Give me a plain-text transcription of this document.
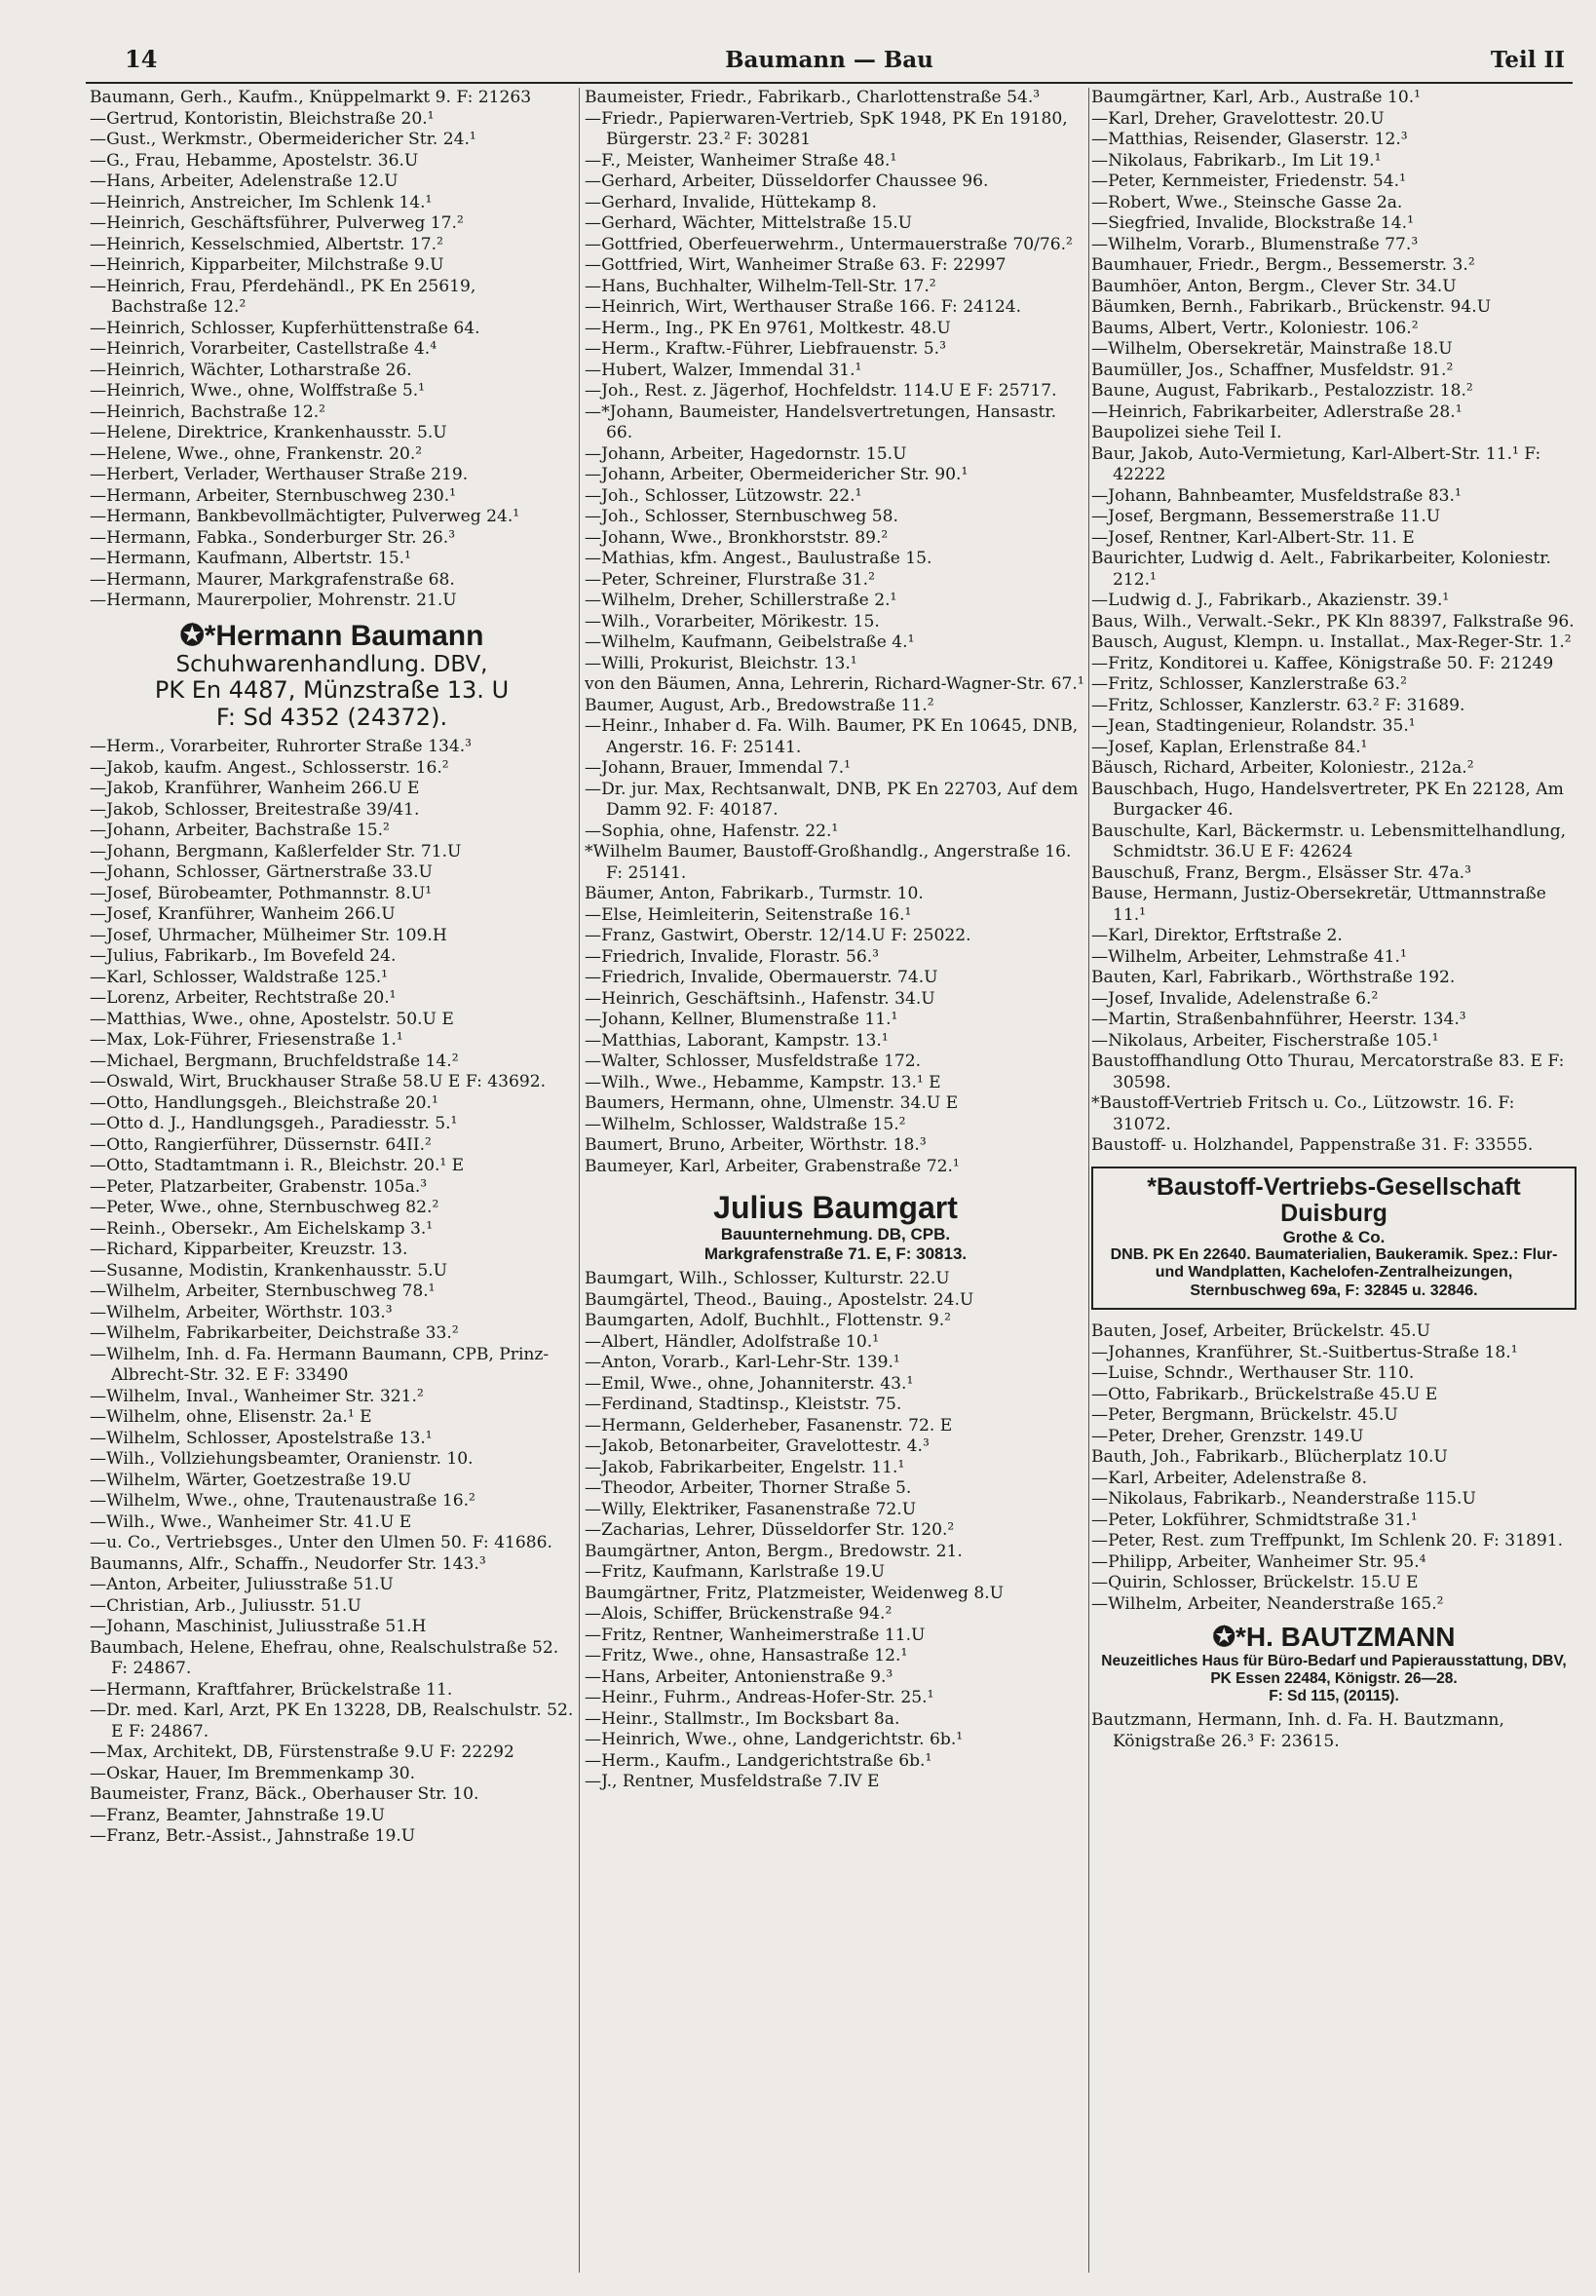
14	Baumann — Bau	Teil II
Baumann, Gerh., Kaufm., Knüppelmarkt 9. F: 21263
—Gertrud, Kontoristin, Bleichstraße 20.¹
—Gust., Werkmstr., Obermeidericher Str. 24.¹
—G., Frau, Hebamme, Apostelstr. 36.U
—Hans, Arbeiter, Adelenstraße 12.U
—Heinrich, Anstreicher, Im Schlenk 14.¹
—Heinrich, Geschäftsführer, Pulverweg 17.²
—Heinrich, Kesselschmied, Albertstr. 17.²
—Heinrich, Kipparbeiter, Milchstraße 9.U
—Heinrich, Frau, Pferdehändl., PK En 25619, Bachstraße 12.²
—Heinrich, Schlosser, Kupferhüttenstraße 64.
—Heinrich, Vorarbeiter, Castellstraße 4.⁴
—Heinrich, Wächter, Lotharstraße 26.
—Heinrich, Wwe., ohne, Wolffstraße 5.¹
—Heinrich, Bachstraße 12.²
—Helene, Direktrice, Krankenhausstr. 5.U
—Helene, Wwe., ohne, Frankenstr. 20.²
—Herbert, Verlader, Werthauser Straße 219.
—Hermann, Arbeiter, Sternbuschweg 230.¹
—Hermann, Bankbevollmächtigter, Pulverweg 24.¹
—Hermann, Fabka., Sonderburger Str. 26.³
—Hermann, Kaufmann, Albertstr. 15.¹
—Hermann, Maurer, Markgrafenstraße 68.
—Hermann, Maurerpolier, Mohrenstr. 21.U
✪*Hermann Baumann
Schuhwarenhandlung. DBV,
PK En 4487, Münzstraße 13. U
F: Sd 4352 (24372).
—Herm., Vorarbeiter, Ruhrorter Straße 134.³
—Jakob, kaufm. Angest., Schlosserstr. 16.²
—Jakob, Kranführer, Wanheim 266.U E
—Jakob, Schlosser, Breitestraße 39/41.
—Johann, Arbeiter, Bachstraße 15.²
—Johann, Bergmann, Kaßlerfelder Str. 71.U
—Johann, Schlosser, Gärtnerstraße 33.U
—Josef, Bürobeamter, Pothmannstr. 8.U¹
—Josef, Kranführer, Wanheim 266.U
—Josef, Uhrmacher, Mülheimer Str. 109.H
—Julius, Fabrikarb., Im Bovefeld 24.
—Karl, Schlosser, Waldstraße 125.¹
—Lorenz, Arbeiter, Rechtstraße 20.¹
—Matthias, Wwe., ohne, Apostelstr. 50.U E
—Max, Lok-Führer, Friesenstraße 1.¹
—Michael, Bergmann, Bruchfeldstraße 14.²
—Oswald, Wirt, Bruckhauser Straße 58.U E F: 43692.
—Otto, Handlungsgeh., Bleichstraße 20.¹
—Otto d. J., Handlungsgeh., Paradiesstr. 5.¹
—Otto, Rangierführer, Düssernstr. 64II.²
—Otto, Stadtamtmann i. R., Bleichstr. 20.¹ E
—Peter, Platzarbeiter, Grabenstr. 105a.³
—Peter, Wwe., ohne, Sternbuschweg 82.²
—Reinh., Obersekr., Am Eichelskamp 3.¹
—Richard, Kipparbeiter, Kreuzstr. 13.
—Susanne, Modistin, Krankenhausstr. 5.U
—Wilhelm, Arbeiter, Sternbuschweg 78.¹
—Wilhelm, Arbeiter, Wörthstr. 103.³
—Wilhelm, Fabrikarbeiter, Deichstraße 33.²
—Wilhelm, Inh. d. Fa. Hermann Baumann, CPB, Prinz-Albrecht-Str. 32. E F: 33490
—Wilhelm, Inval., Wanheimer Str. 321.²
—Wilhelm, ohne, Elisenstr. 2a.¹ E
—Wilhelm, Schlosser, Apostelstraße 13.¹
—Wilh., Vollziehungsbeamter, Oranienstr. 10.
—Wilhelm, Wärter, Goetzestraße 19.U
—Wilhelm, Wwe., ohne, Trautenaustraße 16.²
—Wilh., Wwe., Wanheimer Str. 41.U E
—u. Co., Vertriebsges., Unter den Ulmen 50. F: 41686.
Baumanns, Alfr., Schaffn., Neudorfer Str. 143.³
—Anton, Arbeiter, Juliusstraße 51.U
—Christian, Arb., Juliusstr. 51.U
—Johann, Maschinist, Juliusstraße 51.H
Baumbach, Helene, Ehefrau, ohne, Realschulstraße 52. F: 24867.
—Hermann, Kraftfahrer, Brückelstraße 11.
—Dr. med. Karl, Arzt, PK En 13228, DB, Realschulstr. 52. E F: 24867.
—Max, Architekt, DB, Fürstenstraße 9.U F: 22292
—Oskar, Hauer, Im Bremmenkamp 30.
Baumeister, Franz, Bäck., Oberhauser Str. 10.
—Franz, Beamter, Jahnstraße 19.U
—Franz, Betr.-Assist., Jahnstraße 19.U
Baumeister, Friedr., Fabrikarb., Charlottenstraße 54.³
—Friedr., Papierwaren-Vertrieb, SpK 1948, PK En 19180, Bürgerstr. 23.² F: 30281
—F., Meister, Wanheimer Straße 48.¹
—Gerhard, Arbeiter, Düsseldorfer Chaussee 96.
—Gerhard, Invalide, Hüttekamp 8.
—Gerhard, Wächter, Mittelstraße 15.U
—Gottfried, Oberfeuerwehrm., Untermauerstraße 70/76.²
—Gottfried, Wirt, Wanheimer Straße 63. F: 22997
—Hans, Buchhalter, Wilhelm-Tell-Str. 17.²
—Heinrich, Wirt, Werthauser Straße 166. F: 24124.
—Herm., Ing., PK En 9761, Moltkestr. 48.U
—Herm., Kraftw.-Führer, Liebfrauenstr. 5.³
—Hubert, Walzer, Immendal 31.¹
—Joh., Rest. z. Jägerhof, Hochfeldstr. 114.U E F: 25717.
—*Johann, Baumeister, Handelsvertretungen, Hansastr. 66.
—Johann, Arbeiter, Hagedornstr. 15.U
—Johann, Arbeiter, Obermeidericher Str. 90.¹
—Joh., Schlosser, Lützowstr. 22.¹
—Joh., Schlosser, Sternbuschweg 58.
—Johann, Wwe., Bronkhorststr. 89.²
—Mathias, kfm. Angest., Baulustraße 15.
—Peter, Schreiner, Flurstraße 31.²
—Wilhelm, Dreher, Schillerstraße 2.¹
—Wilh., Vorarbeiter, Mörikestr. 15.
—Wilhelm, Kaufmann, Geibelstraße 4.¹
—Willi, Prokurist, Bleichstr. 13.¹
von den Bäumen, Anna, Lehrerin, Richard-Wagner-Str. 67.¹
Baumer, August, Arb., Bredowstraße 11.²
—Heinr., Inhaber d. Fa. Wilh. Baumer, PK En 10645, DNB, Angerstr. 16. F: 25141.
—Johann, Brauer, Immendal 7.¹
—Dr. jur. Max, Rechtsanwalt, DNB, PK En 22703, Auf dem Damm 92. F: 40187.
—Sophia, ohne, Hafenstr. 22.¹
*Wilhelm Baumer, Baustoff-Großhandlg., Angerstraße 16. F: 25141.
Bäumer, Anton, Fabrikarb., Turmstr. 10.
—Else, Heimleiterin, Seitenstraße 16.¹
—Franz, Gastwirt, Oberstr. 12/14.U F: 25022.
—Friedrich, Invalide, Florastr. 56.³
—Friedrich, Invalide, Obermauerstr. 74.U
—Heinrich, Geschäftsinh., Hafenstr. 34.U
—Johann, Kellner, Blumenstraße 11.¹
—Matthias, Laborant, Kampstr. 13.¹
—Walter, Schlosser, Musfeldstraße 172.
—Wilh., Wwe., Hebamme, Kampstr. 13.¹ E
Baumers, Hermann, ohne, Ulmenstr. 34.U E
—Wilhelm, Schlosser, Waldstraße 15.²
Baumert, Bruno, Arbeiter, Wörthstr. 18.³
Baumeyer, Karl, Arbeiter, Grabenstraße 72.¹
Julius Baumgart
Bauunternehmung. DB, CPB.
Markgrafenstraße 71. E, F: 30813.
Baumgart, Wilh., Schlosser, Kulturstr. 22.U
Baumgärtel, Theod., Bauing., Apostelstr. 24.U
Baumgarten, Adolf, Buchhlt., Flottenstr. 9.²
—Albert, Händler, Adolfstraße 10.¹
—Anton, Vorarb., Karl-Lehr-Str. 139.¹
—Emil, Wwe., ohne, Johanniterstr. 43.¹
—Ferdinand, Stadtinsp., Kleiststr. 75.
—Hermann, Gelderheber, Fasanenstr. 72. E
—Jakob, Betonarbeiter, Gravelottestr. 4.³
—Jakob, Fabrikarbeiter, Engelstr. 11.¹
—Theodor, Arbeiter, Thorner Straße 5.
—Willy, Elektriker, Fasanenstraße 72.U
—Zacharias, Lehrer, Düsseldorfer Str. 120.²
Baumgärtner, Anton, Bergm., Bredowstr. 21.
—Fritz, Kaufmann, Karlstraße 19.U
Baumgärtner, Fritz, Platzmeister, Weidenweg 8.U
—Alois, Schiffer, Brückenstraße 94.²
—Fritz, Rentner, Wanheimerstraße 11.U
—Fritz, Wwe., ohne, Hansastraße 12.¹
—Hans, Arbeiter, Antonienstraße 9.³
—Heinr., Fuhrm., Andreas-Hofer-Str. 25.¹
—Heinr., Stallmstr., Im Bocksbart 8a.
—Heinrich, Wwe., ohne, Landgerichtstr. 6b.¹
—Herm., Kaufm., Landgerichtstraße 6b.¹
—J., Rentner, Musfeldstraße 7.IV E
Baumgärtner, Karl, Arb., Austraße 10.¹
—Karl, Dreher, Gravelottestr. 20.U
—Matthias, Reisender, Glaserstr. 12.³
—Nikolaus, Fabrikarb., Im Lit 19.¹
—Peter, Kernmeister, Friedenstr. 54.¹
—Robert, Wwe., Steinsche Gasse 2a.
—Siegfried, Invalide, Blockstraße 14.¹
—Wilhelm, Vorarb., Blumenstraße 77.³
Baumhauer, Friedr., Bergm., Bessemerstr. 3.²
Baumhöer, Anton, Bergm., Clever Str. 34.U
Bäumken, Bernh., Fabrikarb., Brückenstr. 94.U
Baums, Albert, Vertr., Koloniestr. 106.²
—Wilhelm, Obersekretär, Mainstraße 18.U
Baumüller, Jos., Schaffner, Musfeldstr. 91.²
Baune, August, Fabrikarb., Pestalozzistr. 18.²
—Heinrich, Fabrikarbeiter, Adlerstraße 28.¹
Baupolizei siehe Teil I.
Baur, Jakob, Auto-Vermietung, Karl-Albert-Str. 11.¹ F: 42222
—Johann, Bahnbeamter, Musfeldstraße 83.¹
—Josef, Bergmann, Bessemerstraße 11.U
—Josef, Rentner, Karl-Albert-Str. 11. E
Baurichter, Ludwig d. Aelt., Fabrikarbeiter, Koloniestr. 212.¹
—Ludwig d. J., Fabrikarb., Akazienstr. 39.¹
Baus, Wilh., Verwalt.-Sekr., PK Kln 88397, Falkstraße 96.
Bausch, August, Klempn. u. Installat., Max-Reger-Str. 1.²
—Fritz, Konditorei u. Kaffee, Königstraße 50. F: 21249
—Fritz, Schlosser, Kanzlerstraße 63.²
—Fritz, Schlosser, Kanzlerstr. 63.² F: 31689.
—Jean, Stadtingenieur, Rolandstr. 35.¹
—Josef, Kaplan, Erlenstraße 84.¹
Bäusch, Richard, Arbeiter, Koloniestr., 212a.²
Bauschbach, Hugo, Handelsvertreter, PK En 22128, Am Burgacker 46.
Bauschulte, Karl, Bäckermstr. u. Lebensmittelhandlung, Schmidtstr. 36.U E F: 42624
Bauschuß, Franz, Bergm., Elsässer Str. 47a.³
Bause, Hermann, Justiz-Obersekretär, Uttmannstraße 11.¹
—Karl, Direktor, Erftstraße 2.
—Wilhelm, Arbeiter, Lehmstraße 41.¹
Bauten, Karl, Fabrikarb., Wörthstraße 192.
—Josef, Invalide, Adelenstraße 6.²
—Martin, Straßenbahnführer, Heerstr. 134.³
—Nikolaus, Arbeiter, Fischerstraße 105.¹
Baustoffhandlung Otto Thurau, Mercatorstraße 83. E F: 30598.
*Baustoff-Vertrieb Fritsch u. Co., Lützowstr. 16. F: 31072.
Baustoff- u. Holzhandel, Pappenstraße 31. F: 33555.
*Baustoff-Vertriebs-Gesellschaft Duisburg
Grothe & Co.
DNB. PK En 22640. Baumaterialien, Baukeramik. Spez.: Flur- und Wandplatten, Kachelofen-Zentralheizungen,
Sternbuschweg 69a, F: 32845 u. 32846.
Bauten, Josef, Arbeiter, Brückelstr. 45.U
—Johannes, Kranführer, St.-Suitbertus-Straße 18.¹
—Luise, Schndr., Werthauser Str. 110.
—Otto, Fabrikarb., Brückelstraße 45.U E
—Peter, Bergmann, Brückelstr. 45.U
—Peter, Dreher, Grenzstr. 149.U
Bauth, Joh., Fabrikarb., Blücherplatz 10.U
—Karl, Arbeiter, Adelenstraße 8.
—Nikolaus, Fabrikarb., Neanderstraße 115.U
—Peter, Lokführer, Schmidtstraße 31.¹
—Peter, Rest. zum Treffpunkt, Im Schlenk 20. F: 31891.
—Philipp, Arbeiter, Wanheimer Str. 95.⁴
—Quirin, Schlosser, Brückelstr. 15.U E
—Wilhelm, Arbeiter, Neanderstraße 165.²
✪*H. BAUTZMANN
Neuzeitliches Haus für Büro-Bedarf und Papierausstattung, DBV, PK Essen 22484, Königstr. 26—28.
F: Sd 115, (20115).
Bautzmann, Hermann, Inh. d. Fa. H. Bautzmann, Königstraße 26.³ F: 23615.
